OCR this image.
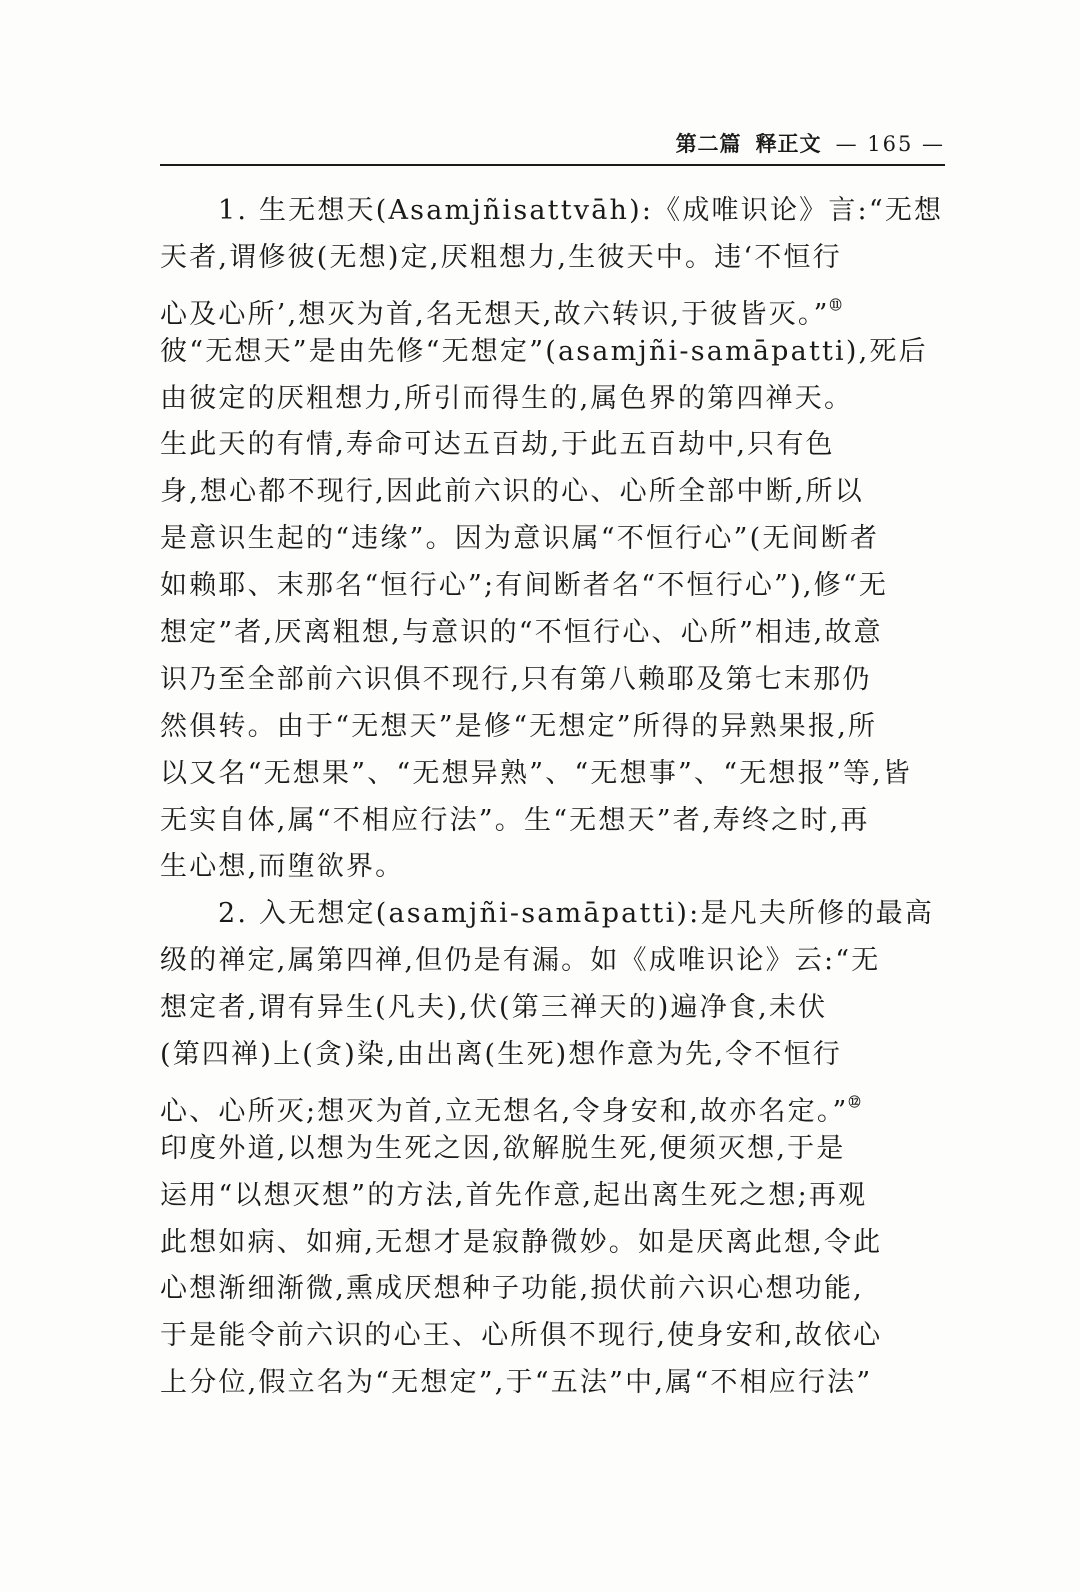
第二篇 释正文 — 165 —
1. 生无想天(Asamjñisattvāh):《成唯识论》言:“无想
天者,谓修彼(无想)定,厌粗想力,生彼天中。违‘不恒行
心及心所’,想灭为首,名无想天,故六转识,于彼皆灭。”⑪
彼“无想天”是由先修“无想定”(asamjñi-samāpatti),死后
由彼定的厌粗想力,所引而得生的,属色界的第四禅天。
生此天的有情,寿命可达五百劫,于此五百劫中,只有色
身,想心都不现行,因此前六识的心、心所全部中断,所以
是意识生起的“违缘”。因为意识属“不恒行心”(无间断者
如赖耶、末那名“恒行心”;有间断者名“不恒行心”),修“无
想定”者,厌离粗想,与意识的“不恒行心、心所”相违,故意
识乃至全部前六识俱不现行,只有第八赖耶及第七末那仍
然俱转。由于“无想天”是修“无想定”所得的异熟果报,所
以又名“无想果”、“无想异熟”、“无想事”、“无想报”等,皆
无实自体,属“不相应行法”。生“无想天”者,寿终之时,再
生心想,而堕欲界。
2. 入无想定(asamjñi-samāpatti):是凡夫所修的最高
级的禅定,属第四禅,但仍是有漏。如《成唯识论》云:“无
想定者,谓有异生(凡夫),伏(第三禅天的)遍净食,未伏
(第四禅)上(贪)染,由出离(生死)想作意为先,令不恒行
心、心所灭;想灭为首,立无想名,令身安和,故亦名定。”⑫
印度外道,以想为生死之因,欲解脱生死,便须灭想,于是
运用“以想灭想”的方法,首先作意,起出离生死之想;再观
此想如病、如痈,无想才是寂静微妙。如是厌离此想,令此
心想渐细渐微,熏成厌想种子功能,损伏前六识心想功能,
于是能令前六识的心王、心所俱不现行,使身安和,故依心
上分位,假立名为“无想定”,于“五法”中,属“不相应行法”
